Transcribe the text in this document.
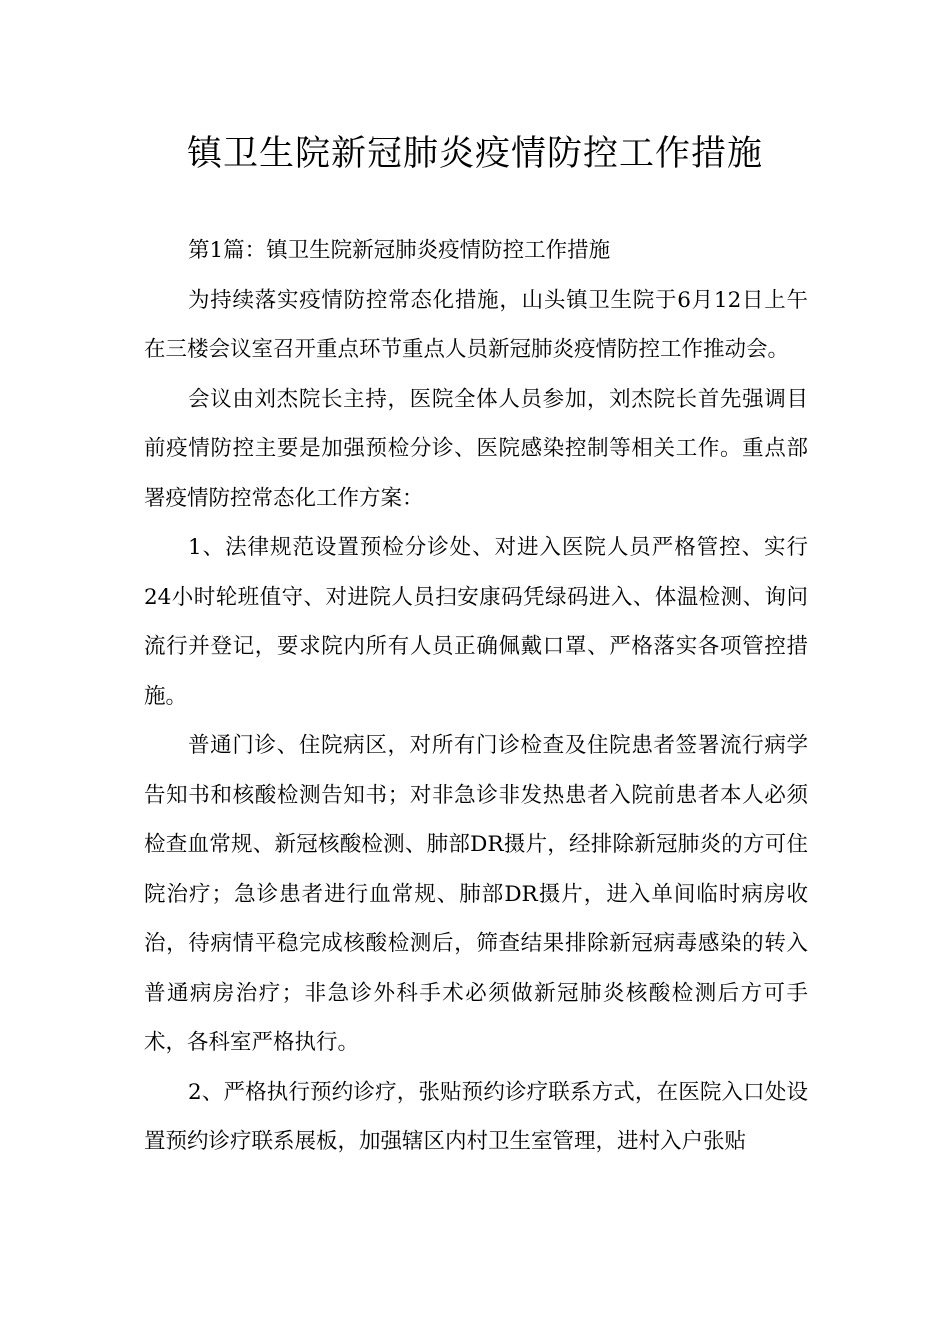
镇卫生院新冠肺炎疫情防控工作措施

第1篇：镇卫生院新冠肺炎疫情防控工作措施

为持续落实疫情防控常态化措施，山头镇卫生院于6月12日上午在三楼会议室召开重点环节重点人员新冠肺炎疫情防控工作推动会。

会议由刘杰院长主持，医院全体人员参加，刘杰院长首先强调目前疫情防控主要是加强预检分诊、医院感染控制等相关工作。重点部署疫情防控常态化工作方案：

1、法律规范设置预检分诊处、对进入医院人员严格管控、实行24小时轮班值守、对进院人员扫安康码凭绿码进入、体温检测、询问流行并登记，要求院内所有人员正确佩戴口罩、严格落实各项管控措施。

普通门诊、住院病区，对所有门诊检查及住院患者签署流行病学告知书和核酸检测告知书；对非急诊非发热患者入院前患者本人必须检查血常规、新冠核酸检测、肺部DR摄片，经排除新冠肺炎的方可住院治疗；急诊患者进行血常规、肺部DR摄片，进入单间临时病房收治，待病情平稳完成核酸检测后，筛查结果排除新冠病毒感染的转入普通病房治疗；非急诊外科手术必须做新冠肺炎核酸检测后方可手术，各科室严格执行。

2、严格执行预约诊疗，张贴预约诊疗联系方式，在医院入口处设置预约诊疗联系展板，加强辖区内村卫生室管理，进村入户张贴
